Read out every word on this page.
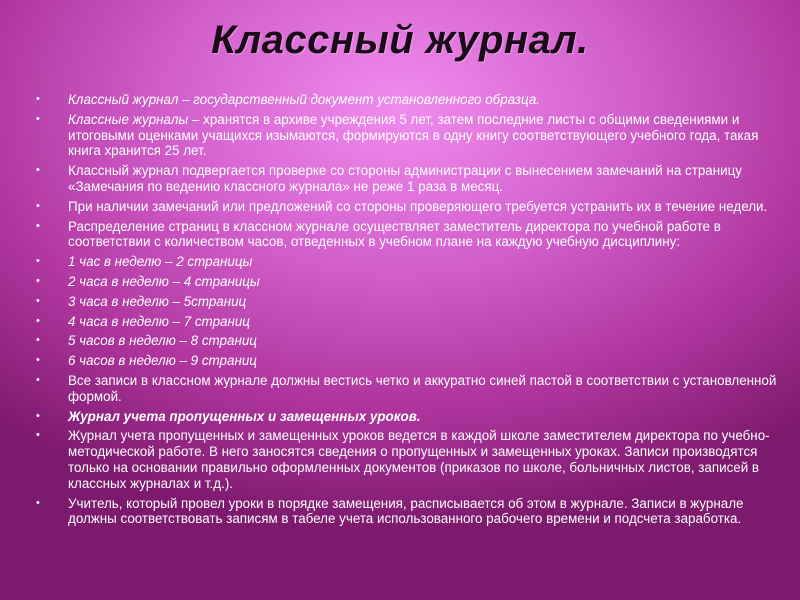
Классный журнал.
• Классный журнал – государственный документ установленного образца.
• Классные журналы – хранятся в архиве учреждения 5 лет, затем последние листы с общими сведениями и итоговыми оценками учащихся изымаются, формируются в одну книгу соответствующего учебного года, такая книга хранится 25 лет.
• Классный журнал подвергается проверке со стороны администрации с вынесением замечаний на страницу «Замечания по ведению классного журнала» не реже 1 раза в месяц.
• При наличии замечаний или предложений со стороны проверяющего требуется устранить их в течение недели.
• Распределение страниц в классном журнале осуществляет заместитель директора по учебной работе в соответствии с количеством часов, отведенных в учебном плане на каждую учебную дисциплину:
• 1 час в неделю – 2 страницы
• 2 часа в неделю – 4 страницы
• 3 часа в неделю – 5страниц
• 4 часа в неделю – 7 страниц
• 5 часов в неделю – 8 страниц
• 6 часов в неделю – 9 страниц
• Все записи в классном журнале должны вестись четко и аккуратно синей пастой в соответствии с установленной формой.
• Журнал учета пропущенных и замещенных уроков.
• Журнал учета пропущенных и замещенных уроков ведется в каждой школе заместителем директора по учебно-методической работе. В него заносятся сведения о пропущенных и замещенных уроках. Записи производятся только на основании правильно оформленных документов (приказов по школе, больничных листов, записей в классных журналах и т.д.).
• Учитель, который провел уроки в порядке замещения, расписывается об этом в журнале. Записи в журнале должны соответствовать записям в табеле учета использованного рабочего времени и подсчета заработка.
